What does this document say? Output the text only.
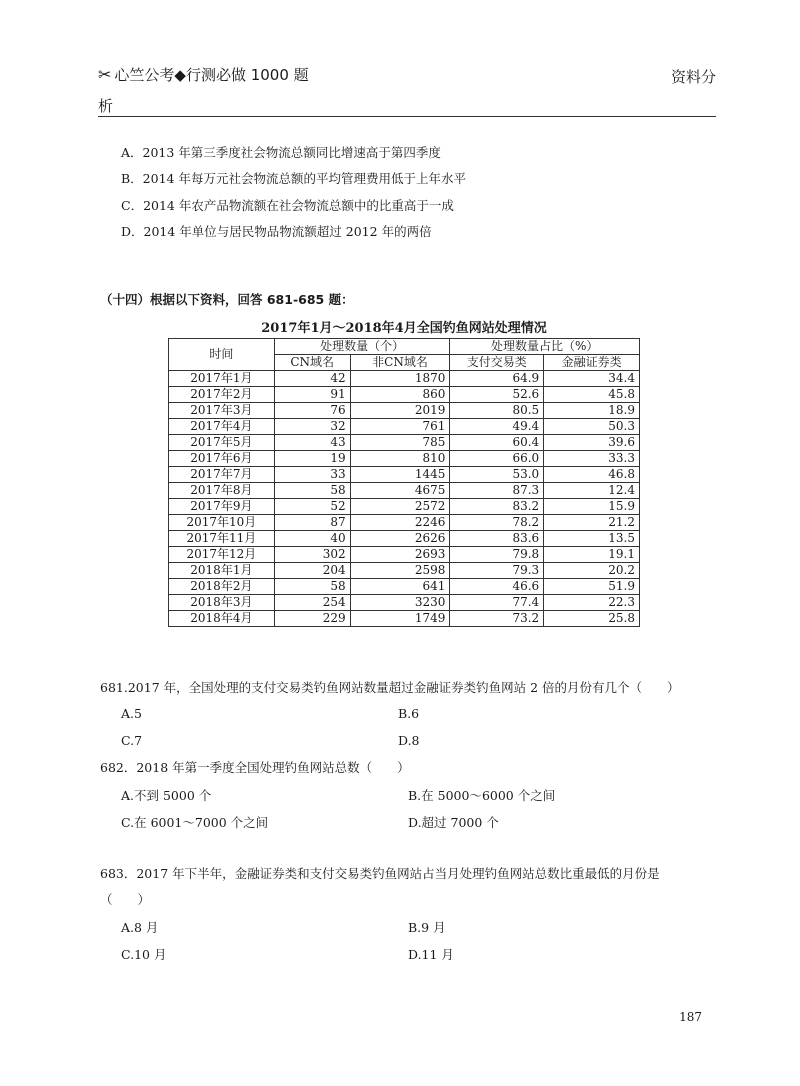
✂ 心竺公考◆行测必做 1000 题	资料分
析
A．2013 年第三季度社会物流总额同比增速高于第四季度
B．2014 年每万元社会物流总额的平均管理费用低于上年水平
C．2014 年农产品物流额在社会物流总额中的比重高于一成
D．2014 年单位与居民物品物流额超过 2012 年的两倍
（十四）根据以下资料，回答 681-685 题：
2017年1月～2018年4月全国钓鱼网站处理情况
时间	处理数量（个）		处理数量占比（%）	
	CN域名	非CN域名	支付交易类	金融证券类
2017年1月	42	1870	64.9	34.4
2017年2月	91	860	52.6	45.8
2017年3月	76	2019	80.5	18.9
2017年4月	32	761	49.4	50.3
2017年5月	43	785	60.4	39.6
2017年6月	19	810	66.0	33.3
2017年7月	33	1445	53.0	46.8
2017年8月	58	4675	87.3	12.4
2017年9月	52	2572	83.2	15.9
2017年10月	87	2246	78.2	21.2
2017年11月	40	2626	83.6	13.5
2017年12月	302	2693	79.8	19.1
2018年1月	204	2598	79.3	20.2
2018年2月	58	641	46.6	51.9
2018年3月	254	3230	77.4	22.3
2018年4月	229	1749	73.2	25.8
681.2017 年，全国处理的支付交易类钓鱼网站数量超过金融证券类钓鱼网站 2 倍的月份有几个（　　）
A.5	B.6
C.7	D.8
682．2018 年第一季度全国处理钓鱼网站总数（　　）
A.不到 5000 个	B.在 5000～6000 个之间
C.在 6001～7000 个之间	D.超过 7000 个
683．2017 年下半年，金融证券类和支付交易类钓鱼网站占当月处理钓鱼网站总数比重最低的月份是
（　　）
A.8 月	B.9 月
C.10 月	D.11 月
187
